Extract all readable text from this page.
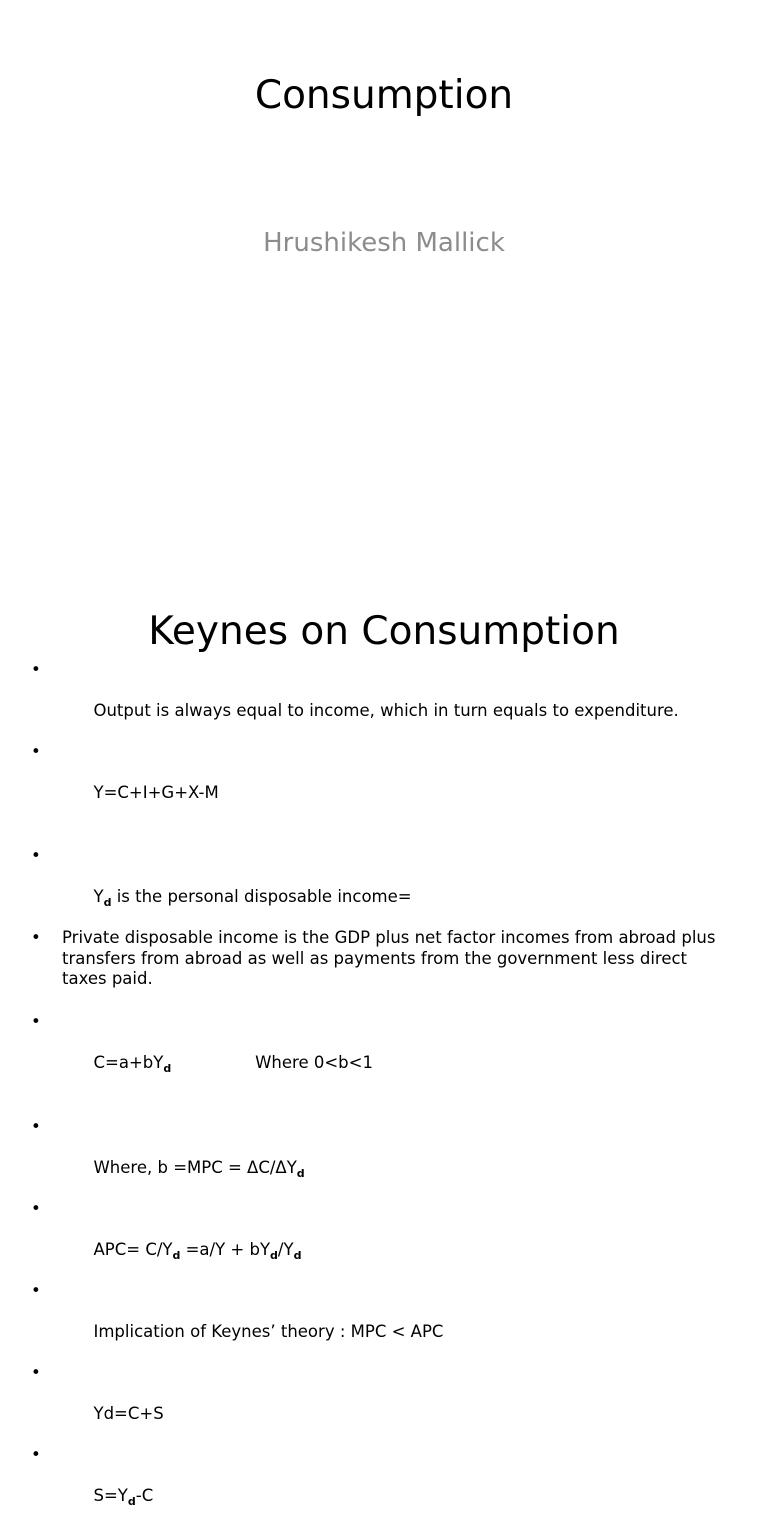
Consumption
Hrushikesh Mallick
Keynes on Consumption

•

Output is always equal to income, which in turn equals to expenditure.

•

Y=C+I+G+X-M

•

$Y_d$ is the personal disposable income=

• Private disposable income is the GDP plus net factor incomes from abroad plus transfers from abroad as well as payments from the government less direct taxes paid.

•

$C=a+bY_d$                Where 0<b<1

•

Where, $b =MPC = \Delta C/\Delta Y_d$

•

$APC= C/Y_d =a/Y + bY_d/Y_d$

•

Implication of Keynes’ theory : MPC < APC

•

Yd=C+S

•

$S=Y_d-C$
